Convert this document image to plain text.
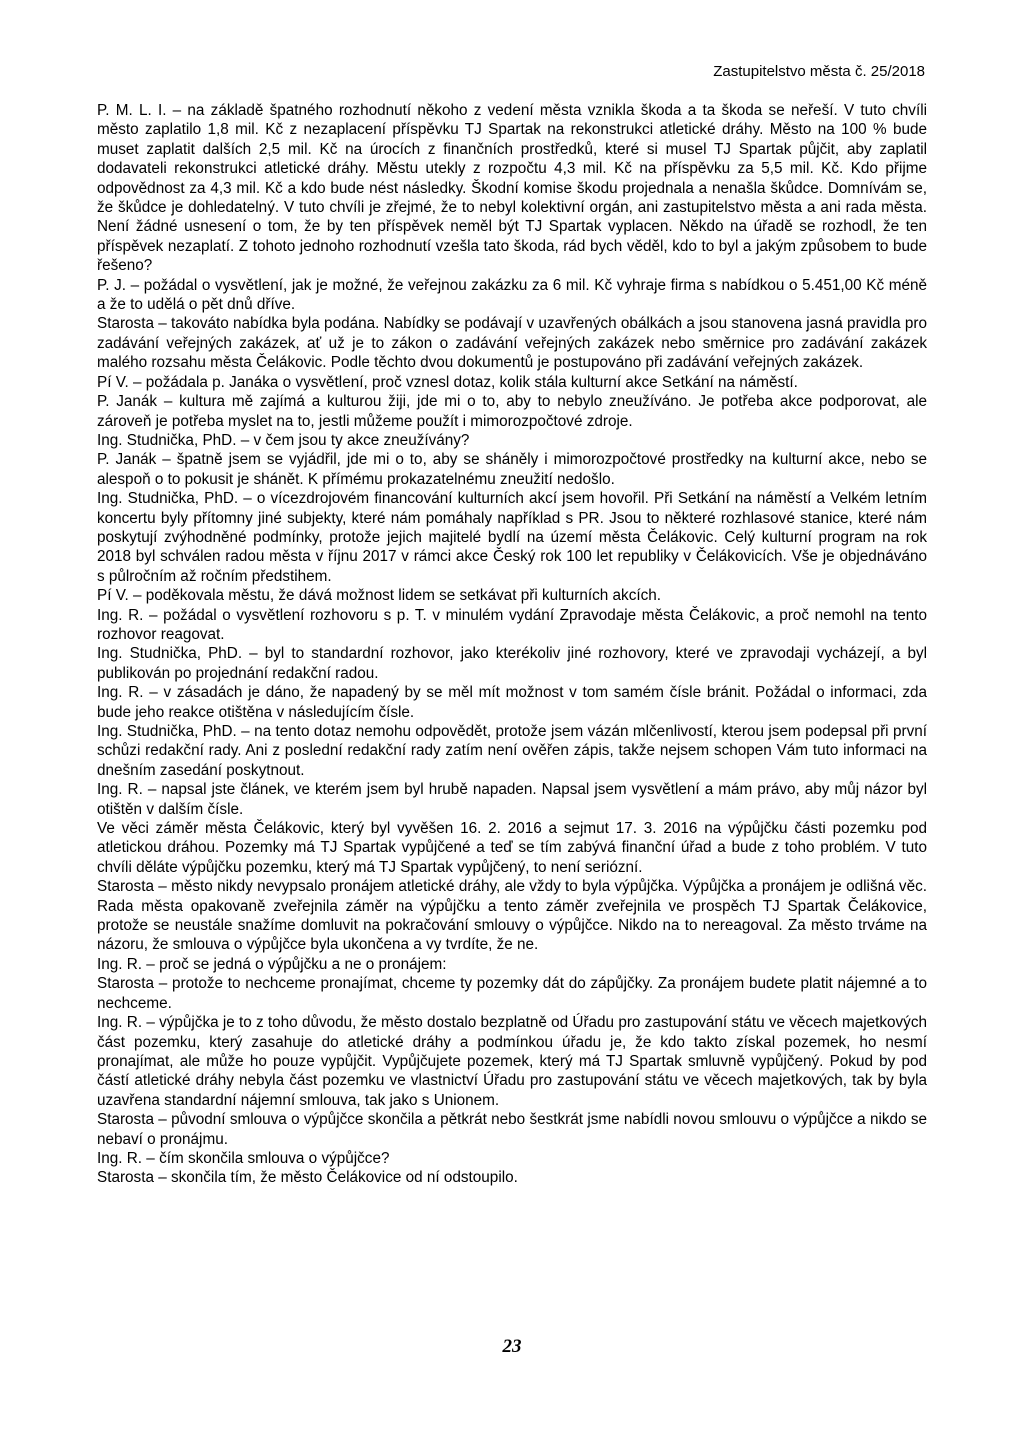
Zastupitelstvo města č. 25/2018

P. M. L. I. – na základě špatného rozhodnutí někoho z vedení města vznikla škoda a ta škoda se neřeší. V tuto chvíli město zaplatilo 1,8 mil. Kč z nezaplacení příspěvku TJ Spartak na rekonstrukci atletické dráhy. Město na 100 % bude muset zaplatit dalších 2,5 mil. Kč na úrocích z finančních prostředků, které si musel TJ Spartak půjčit, aby zaplatil dodavateli rekonstrukci atletické dráhy. Městu utekly z rozpočtu 4,3 mil. Kč na příspěvku za 5,5 mil. Kč. Kdo přijme odpovědnost za 4,3 mil. Kč a kdo bude nést následky. Škodní komise škodu projednala a nenašla škůdce. Domnívám se, že škůdce je dohledatelný. V tuto chvíli je zřejmé, že to nebyl kolektivní orgán, ani zastupitelstvo města a ani rada města. Není žádné usnesení o tom, že by ten příspěvek neměl být TJ Spartak vyplacen. Někdo na úřadě se rozhodl, že ten příspěvek nezaplatí. Z tohoto jednoho rozhodnutí vzešla tato škoda, rád bych věděl, kdo to byl a jakým způsobem to bude řešeno?

P. J. – požádal o vysvětlení, jak je možné, že veřejnou zakázku za 6 mil. Kč vyhraje firma s nabídkou o 5.451,00 Kč méně a že to udělá o pět dnů dříve.

Starosta – takováto nabídka byla podána. Nabídky se podávají v uzavřených obálkách a jsou stanovena jasná pravidla pro zadávání veřejných zakázek, ať už je to zákon o zadávání veřejných zakázek nebo směrnice pro zadávání zakázek malého rozsahu města Čelákovic. Podle těchto dvou dokumentů je postupováno při zadávání veřejných zakázek.

Pí V. – požádala p. Janáka o vysvětlení, proč vznesl dotaz, kolik stála kulturní akce Setkání na náměstí.

P. Janák – kultura mě zajímá a kulturou žiji, jde mi o to, aby to nebylo zneužíváno. Je potřeba akce podporovat, ale zároveň je potřeba myslet na to, jestli můžeme použít i mimorozpočtové zdroje.

Ing. Studnička, PhD. – v čem jsou ty akce zneužívány?

P. Janák – špatně jsem se vyjádřil, jde mi o to, aby se sháněly i mimorozpočtové prostředky na kulturní akce, nebo se alespoň o to pokusit je shánět. K přímému prokazatelnému zneužití nedošlo.

Ing. Studnička, PhD. – o vícezdrojovém financování kulturních akcí jsem hovořil. Při Setkání na náměstí a Velkém letním koncertu byly přítomny jiné subjekty, které nám pomáhaly například s PR. Jsou to některé rozhlasové stanice, které nám poskytují zvýhodněné podmínky, protože jejich majitelé bydlí na území města Čelákovic. Celý kulturní program na rok 2018 byl schválen radou města v říjnu 2017 v rámci akce Český rok 100 let republiky v Čelákovicích. Vše je objednáváno s půlročním až ročním předstihem.

Pí V. – poděkovala městu, že dává možnost lidem se setkávat při kulturních akcích.

Ing. R. – požádal o vysvětlení rozhovoru s p. T. v minulém vydání Zpravodaje města Čelákovic, a proč nemohl na tento rozhovor reagovat.

Ing. Studnička, PhD. – byl to standardní rozhovor, jako kterékoliv jiné rozhovory, které ve zpravodaji vycházejí, a byl publikován po projednání redakční radou.

Ing. R. – v zásadách je dáno, že napadený by se měl mít možnost v tom samém čísle bránit. Požádal o informaci, zda bude jeho reakce otištěna v následujícím čísle.

Ing. Studnička, PhD. – na tento dotaz nemohu odpovědět, protože jsem vázán mlčenlivostí, kterou jsem podepsal při první schůzi redakční rady. Ani z poslední redakční rady zatím není ověřen zápis, takže nejsem schopen Vám tuto informaci na dnešním zasedání poskytnout.

Ing. R. – napsal jste článek, ve kterém jsem byl hrubě napaden. Napsal jsem vysvětlení a mám právo, aby můj názor byl otištěn v dalším čísle.

Ve věci záměr města Čelákovic, který byl vyvěšen 16. 2. 2016 a sejmut 17. 3. 2016 na výpůjčku části pozemku pod atletickou dráhou. Pozemky má TJ Spartak vypůjčené a teď se tím zabývá finanční úřad a bude z toho problém. V tuto chvíli děláte výpůjčku pozemku, který má TJ Spartak vypůjčený, to není seriózní.

Starosta – město nikdy nevypsalo pronájem atletické dráhy, ale vždy to byla výpůjčka. Výpůjčka a pronájem je odlišná věc. Rada města opakovaně zveřejnila záměr na výpůjčku a tento záměr zveřejnila ve prospěch TJ Spartak Čelákovice, protože se neustále snažíme domluvit na pokračování smlouvy o výpůjčce. Nikdo na to nereagoval. Za město trváme na názoru, že smlouva o výpůjčce byla ukončena a vy tvrdíte, že ne.

Ing. R. – proč se jedná o výpůjčku a ne o pronájem:

Starosta – protože to nechceme pronajímat, chceme ty pozemky dát do zápůjčky. Za pronájem budete platit nájemné a to nechceme.

Ing. R. – výpůjčka je to z toho důvodu, že město dostalo bezplatně od Úřadu pro zastupování státu ve věcech majetkových část pozemku, který zasahuje do atletické dráhy a podmínkou úřadu je, že kdo takto získal pozemek, ho nesmí pronajímat, ale může ho pouze vypůjčit. Vypůjčujete pozemek, který má TJ Spartak smluvně vypůjčený. Pokud by pod částí atletické dráhy nebyla část pozemku ve vlastnictví Úřadu pro zastupování státu ve věcech majetkových, tak by byla uzavřena standardní nájemní smlouva, tak jako s Unionem.

Starosta – původní smlouva o výpůjčce skončila a pětkrát nebo šestkrát jsme nabídli novou smlouvu o výpůjčce a nikdo se nebaví o pronájmu.

Ing. R. – čím skončila smlouva o výpůjčce?

Starosta – skončila tím, že město Čelákovice od ní odstoupilo.

23
